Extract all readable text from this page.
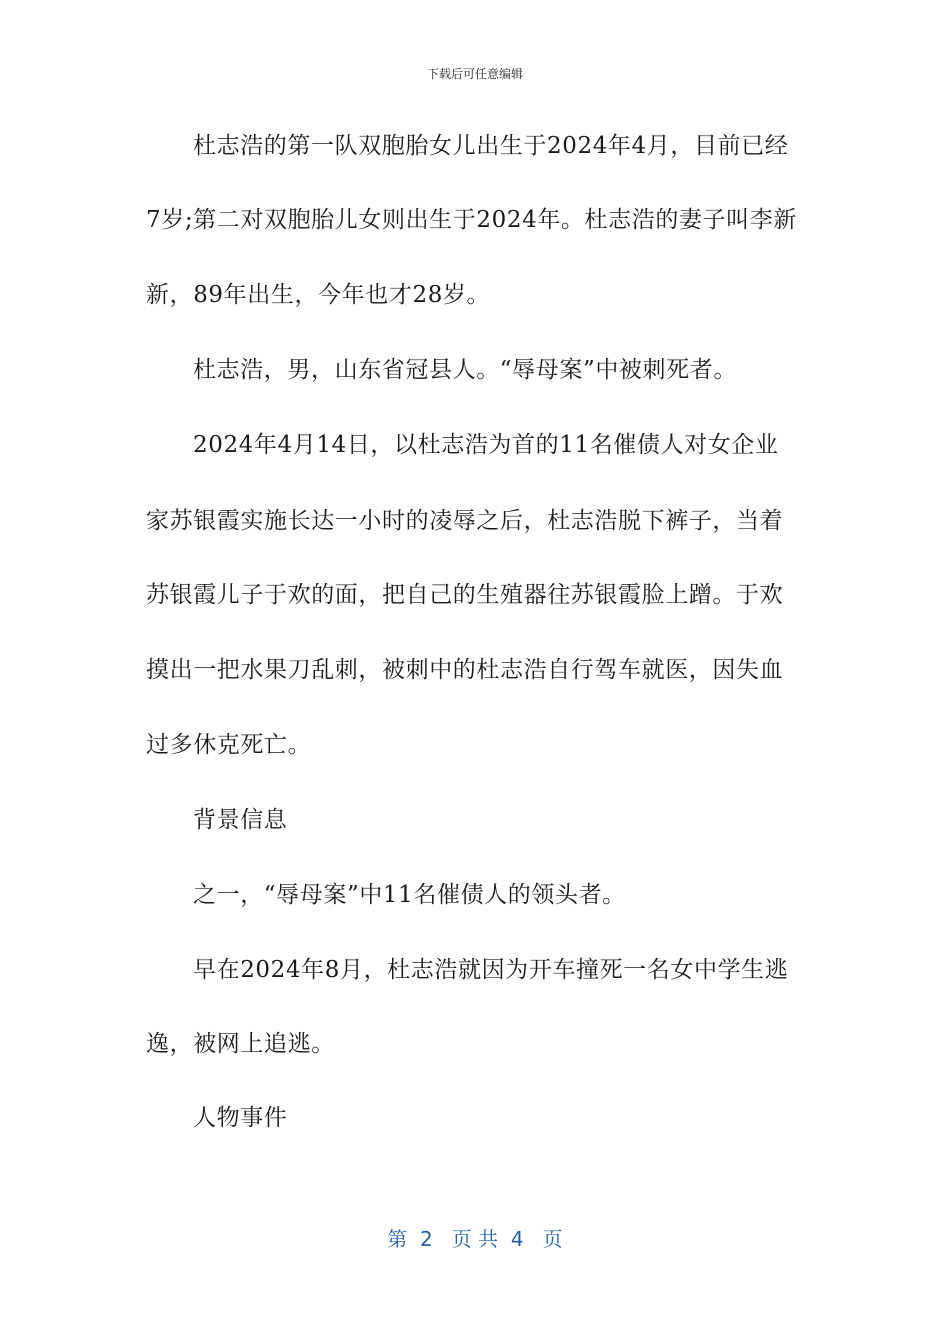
下载后可任意编辑
杜志浩的第一队双胞胎女儿出生于2024年4月，目前已经
7岁;第二对双胞胎儿女则出生于2024年。杜志浩的妻子叫李新
新，89年出生，今年也才28岁。
杜志浩，男，山东省冠县人。“辱母案”中被刺死者。
2024年4月14日，以杜志浩为首的11名催债人对女企业
家苏银霞实施长达一小时的凌辱之后，杜志浩脱下裤子，当着
苏银霞儿子于欢的面，把自己的生殖器往苏银霞脸上蹭。于欢
摸出一把水果刀乱刺，被刺中的杜志浩自行驾车就医，因失血
过多休克死亡。
背景信息
之一，“辱母案”中11名催债人的领头者。
早在2024年8月，杜志浩就因为开车撞死一名女中学生逃
逸，被网上追逃。
人物事件
第  2   页 共  4   页
